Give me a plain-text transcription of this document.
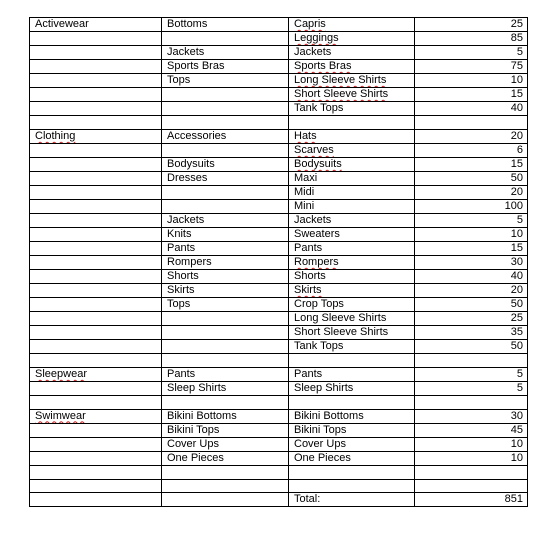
Activewear	Bottoms	Capris	25
		Leggings	85
	Jackets	Jackets	5
	Sports Bras	Sports Bras	75
	Tops	Long Sleeve Shirts	10
		Short Sleeve Shirts	15
		Tank Tops	40

Clothing	Accessories	Hats	20
		Scarves	6
	Bodysuits	Bodysuits	15
	Dresses	Maxi	50
		Midi	20
		Mini	100
	Jackets	Jackets	5
	Knits	Sweaters	10
	Pants	Pants	15
	Rompers	Rompers	30
	Shorts	Shorts	40
	Skirts	Skirts	20
	Tops	Crop Tops	50
		Long Sleeve Shirts	25
		Short Sleeve Shirts	35
		Tank Tops	50

Sleepwear	Pants	Pants	5
	Sleep Shirts	Sleep Shirts	5

Swimwear	Bikini Bottoms	Bikini Bottoms	30
	Bikini Tops	Bikini Tops	45
	Cover Ups	Cover Ups	10
	One Pieces	One Pieces	10

		Total:	851
